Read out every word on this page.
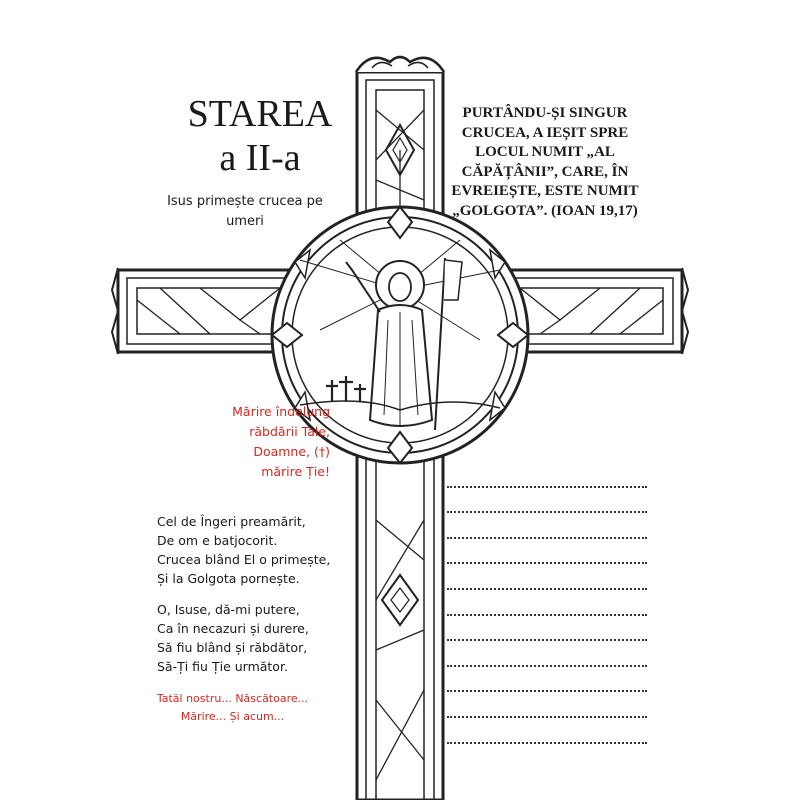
STAREA
a II-a
Isus primește crucea pe umeri
PURTÂNDU-ȘI SINGUR CRUCEA, A IEȘIT SPRE LOCUL NUMIT „AL CĂPĂȚÂNII”, CARE, ÎN EVREIEȘTE, ESTE NUMIT „GOLGOTA”. (IOAN 19,17)
Mărire îndelung
răbdării Tale,
Doamne, (†)
mărire Ție!
Cel de Îngeri preamărit,
De om e batjocorit.
Crucea blând El o primește,
Și la Golgota pornește.
O, Isuse, dă-mi putere,
Ca în necazuri și durere,
Să fiu blând și răbdător,
Să-Ți fiu Ție următor.
Tatăl nostru... Născătoare...
Mărire... Și acum...
